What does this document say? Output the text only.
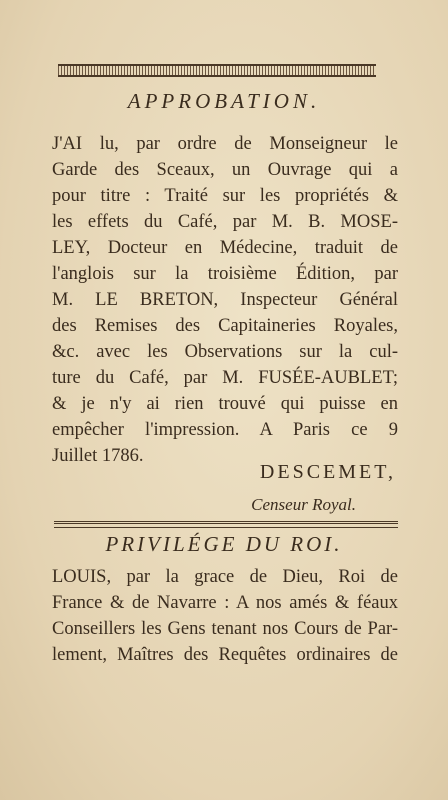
APPROBATION.
J'AI lu, par ordre de Monseigneur le
Garde des Sceaux, un Ouvrage qui a
pour titre : Traité sur les propriétés &
les effets du Café, par M. B. MOSE-
LEY, Docteur en Médecine, traduit de
l'anglois sur la troisième Édition, par
M. LE BRETON, Inspecteur Général
des Remises des Capitaineries Royales,
&c. avec les Observations sur la cul-
ture du Café, par M. FUSÉE-AUBLET;
& je n'y ai rien trouvé qui puisse en
empêcher l'impression. A Paris ce 9
Juillet 1786.
DESCEMET,
Censeur Royal.
PRIVILÉGE DU ROI.
LOUIS, par la grace de Dieu, Roi de
France & de Navarre : A nos amés & féaux
Conseillers les Gens tenant nos Cours de Par-
lement, Maîtres des Requêtes ordinaires de
